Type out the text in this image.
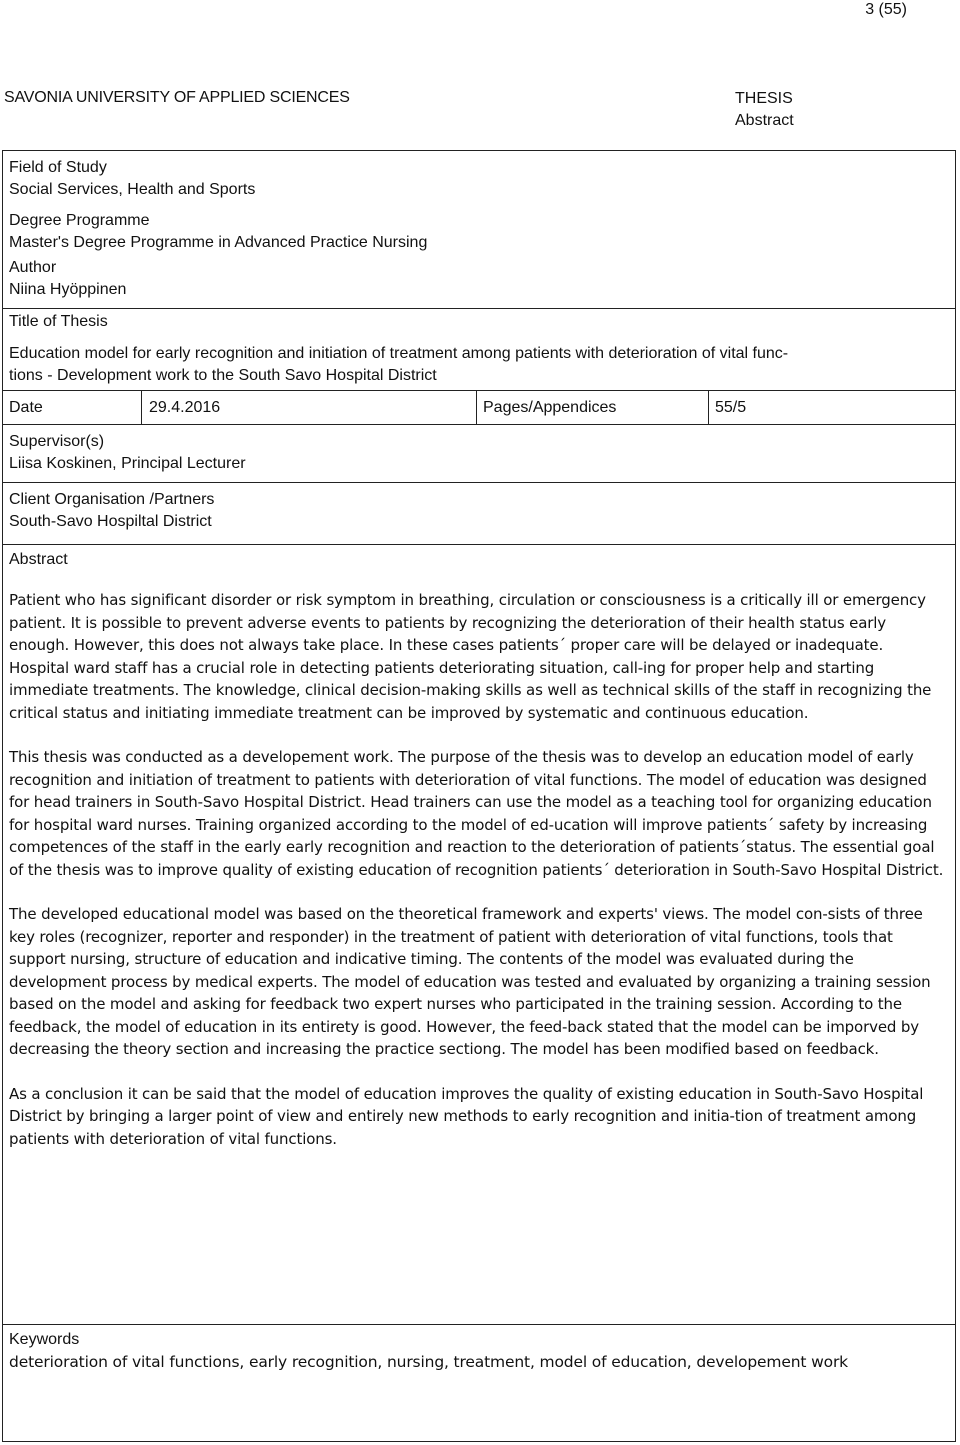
3 (55)
SAVONIA UNIVERSITY OF APPLIED SCIENCES	THESIS
Abstract
Field of Study
Social Services, Health and Sports
Degree Programme
Master's Degree Programme in Advanced Practice Nursing
Author
Niina Hyöppinen
Title of Thesis
Education model for early recognition and initiation of treatment among patients with deterioration of vital func-
tions - Development work to the South Savo Hospital District
Date	29.4.2016	Pages/Appendices	55/5
Supervisor(s)
Liisa Koskinen, Principal Lecturer
Client Organisation /Partners
South-Savo Hospiltal District
Abstract

Patient who has significant disorder or risk symptom in breathing, circulation or consciousness is a critically ill or emergency patient. It is possible to prevent adverse events to patients by recognizing the deterioration of their health status early enough. However, this does not always take place. In these cases patients´ proper care will be delayed or inadequate. Hospital ward staff has a crucial role in detecting patients deteriorating situation, call-ing for proper help and starting immediate treatments. The knowledge, clinical decision-making skills as well as technical skills of the staff in recognizing the critical status and initiating immediate treatment can be improved by systematic and continuous education.

This thesis was conducted as a developement work. The purpose of the thesis was to develop an education model of early recognition and initiation of treatment to patients with deterioration of vital functions. The model of education was designed for head trainers in South-Savo Hospital District. Head trainers can use the model as a teaching tool for organizing education for hospital ward nurses. Training organized according to the model of ed-ucation will improve patients´ safety by increasing competences of the staff in the early early recognition and reaction to the deterioration of patients´status. The essential goal of the thesis was to improve quality of existing education of recognition patients´ deterioration in South-Savo Hospital District.

The developed educational model was based on the theoretical framework and experts' views. The model con-sists of three key roles (recognizer, reporter and responder) in the treatment of patient with deterioration of vital functions, tools that support nursing, structure of education and indicative timing. The contents of the model was evaluated during the development process by medical experts. The model of education was tested and evaluated by organizing a training session based on the model and asking for feedback two expert nurses who participated in the training session. According to the feedback, the model of education in its entirety is good. However, the feed-back stated that the model can be imporved by decreasing the theory section and increasing the practice sectiong. The model has been modified based on feedback.

As a conclusion it can be said that the model of education improves the quality of existing education in South-Savo Hospital District by bringing a larger point of view and entirely new methods to early recognition and initia-tion of treatment among patients with deterioration of vital functions.

Keywords
deterioration of vital functions, early recognition, nursing, treatment, model of education, developement work
